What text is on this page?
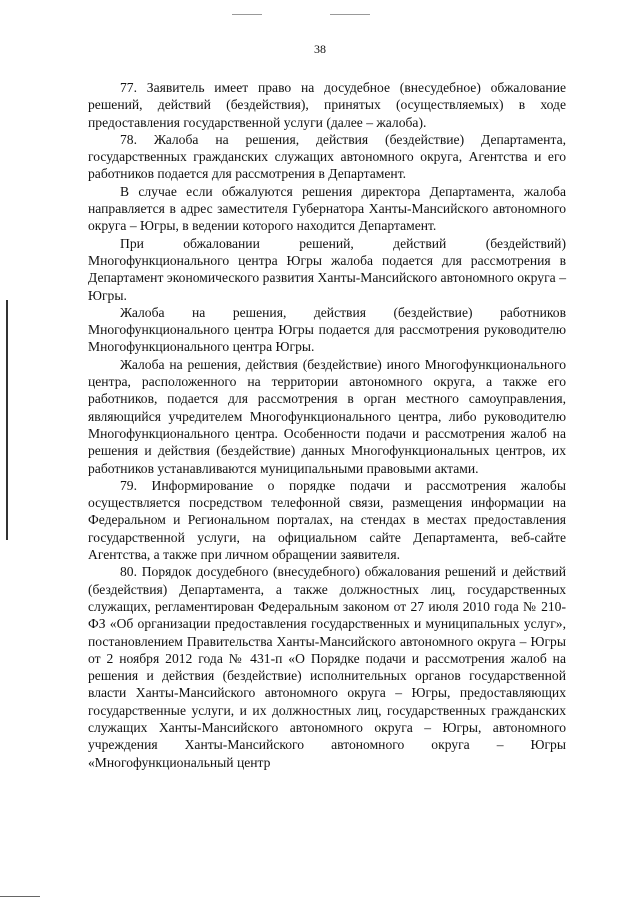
38

77. Заявитель имеет право на досудебное (внесудебное) обжалование решений, действий (бездействия), принятых (осуществляемых) в ходе предоставления государственной услуги (далее – жалоба).

78. Жалоба на решения, действия (бездействие) Департамента, государственных гражданских служащих автономного округа, Агентства и его работников подается для рассмотрения в Департамент.

В случае если обжалуются решения директора Департамента, жалоба направляется в адрес заместителя Губернатора Ханты-Мансийского автономного округа – Югры, в ведении которого находится Департамент.

При обжаловании решений, действий (бездействий) Многофункционального центра Югры жалоба подается для рассмотрения в Департамент экономического развития Ханты-Мансийского автономного округа – Югры.

Жалоба на решения, действия (бездействие) работников Многофункционального центра Югры подается для рассмотрения руководителю Многофункционального центра Югры.

Жалоба на решения, действия (бездействие) иного Многофункционального центра, расположенного на территории автономного округа, а также его работников, подается для рассмотрения в орган местного самоуправления, являющийся учредителем Многофункционального центра, либо руководителю Многофункционального центра. Особенности подачи и рассмотрения жалоб на решения и действия (бездействие) данных Многофункциональных центров, их работников устанавливаются муниципальными правовыми актами.

79. Информирование о порядке подачи и рассмотрения жалобы осуществляется посредством телефонной связи, размещения информации на Федеральном и Региональном порталах, на стендах в местах предоставления государственной услуги, на официальном сайте Департамента, веб-сайте Агентства, а также при личном обращении заявителя.

80. Порядок досудебного (внесудебного) обжалования решений и действий (бездействия) Департамента, а также должностных лиц, государственных служащих, регламентирован Федеральным законом от 27 июля 2010 года № 210-ФЗ «Об организации предоставления государственных и муниципальных услуг», постановлением Правительства Ханты-Мансийского автономного округа – Югры от 2 ноября 2012 года № 431-п «О Порядке подачи и рассмотрения жалоб на решения и действия (бездействие) исполнительных органов государственной власти Ханты-Мансийского автономного округа – Югры, предоставляющих государственные услуги, и их должностных лиц, государственных гражданских служащих Ханты-Мансийского автономного округа – Югры, автономного учреждения Ханты-Мансийского автономного округа – Югры «Многофункциональный центр
